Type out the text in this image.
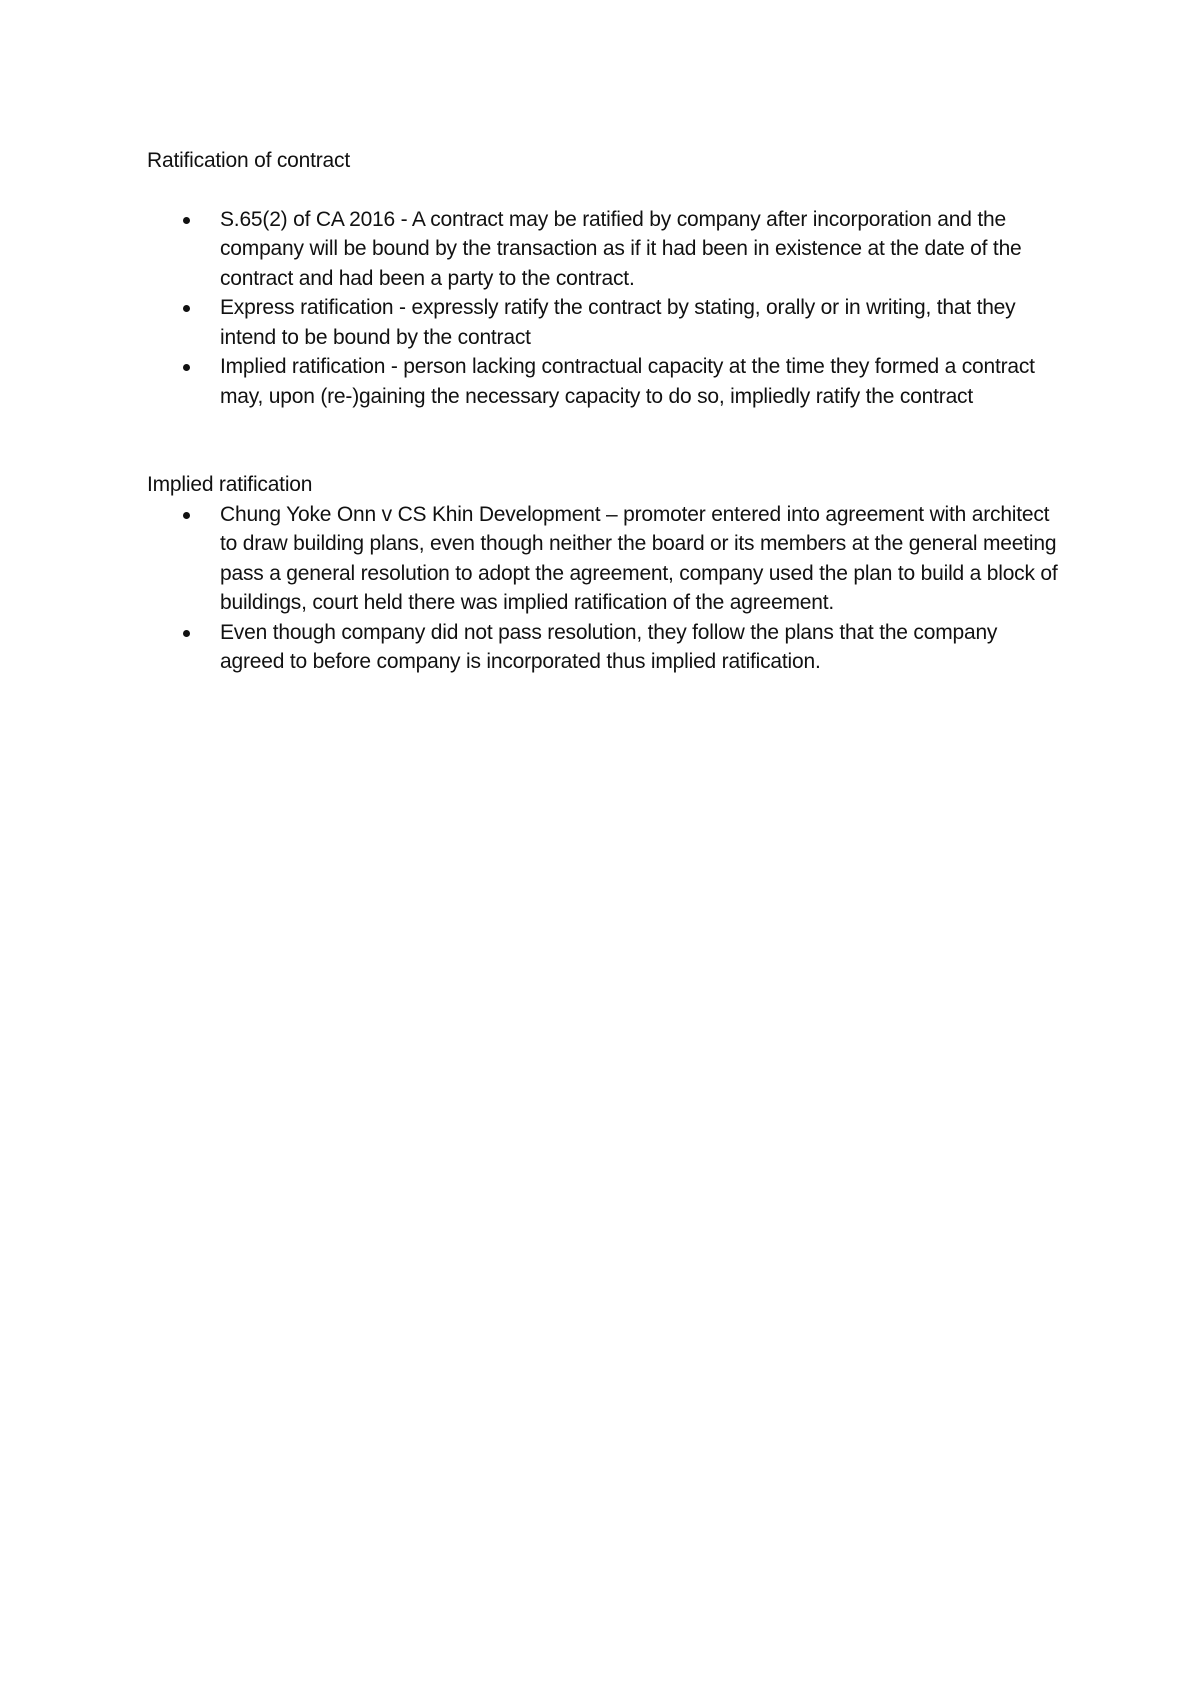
Ratification of contract

S.65(2) of CA 2016 - A contract may be ratified by company after incorporation and the company will be bound by the transaction as if it had been in existence at the date of the contract and had been a party to the contract.
Express ratification - expressly ratify the contract by stating, orally or in writing, that they intend to be bound by the contract
Implied ratification - person lacking contractual capacity at the time they formed a contract may, upon (re-)gaining the necessary capacity to do so, impliedly ratify the contract

Implied ratification

Chung Yoke Onn v CS Khin Development – promoter entered into agreement with architect to draw building plans, even though neither the board or its members at the general meeting pass a general resolution to adopt the agreement, company used the plan to build a block of buildings, court held there was implied ratification of the agreement.
Even though company did not pass resolution, they follow the plans that the company agreed to before company is incorporated thus implied ratification.
